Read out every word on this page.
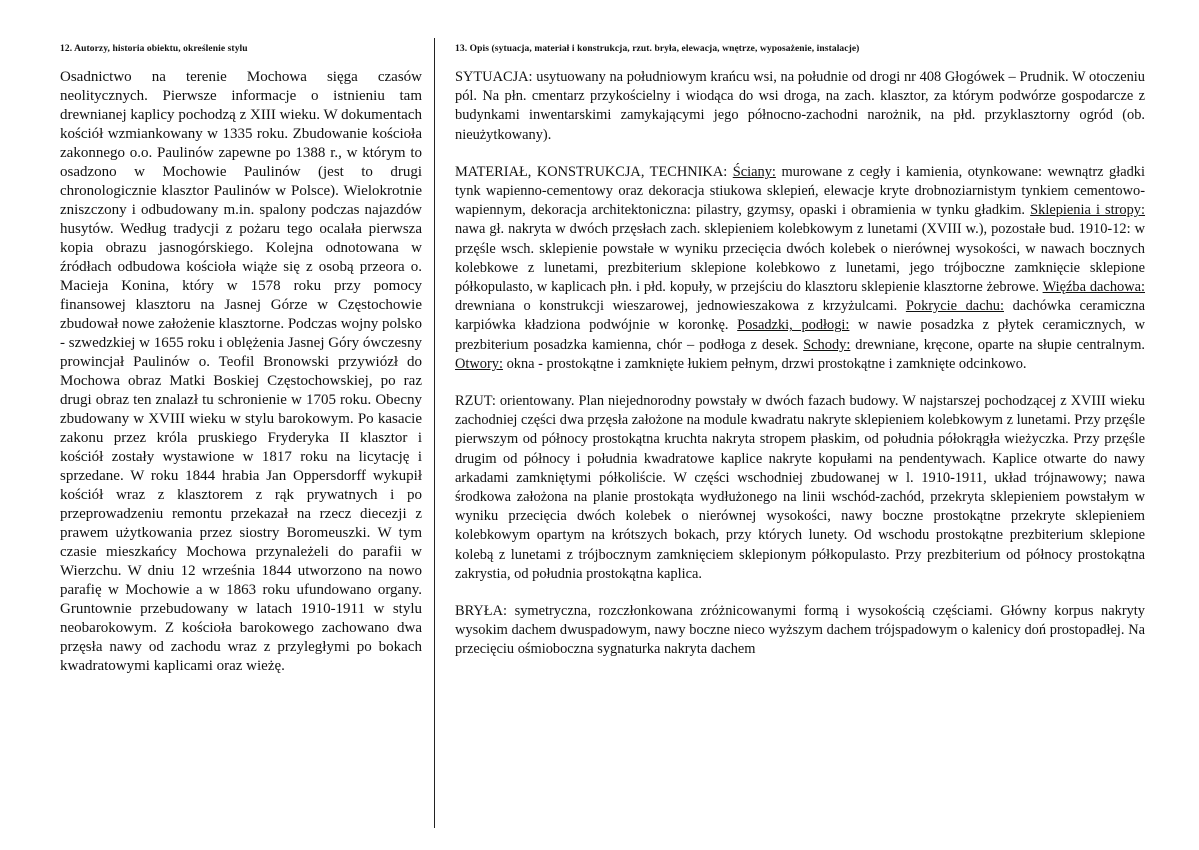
12. Autorzy, historia obiektu, określenie stylu

Osadnictwo na terenie Mochowa sięga czasów neolitycznych. Pierwsze informacje o istnieniu tam drewnianej kaplicy pochodzą z XIII wieku. W dokumentach kościół wzmiankowany w 1335 roku. Zbudowanie kościoła zakonnego o.o. Paulinów zapewne po 1388 r., w którym to osadzono w Mochowie Paulinów (jest to drugi chronologicznie klasztor Paulinów w Polsce). Wielokrotnie zniszczony i odbudowany m.in. spalony podczas najazdów husytów. Według tradycji z pożaru tego ocalała pierwsza kopia obrazu jasnogórskiego. Kolejna odnotowana w źródłach odbudowa kościoła wiąże się z osobą przeora o. Macieja Konina, który w 1578 roku przy pomocy finansowej klasztoru na Jasnej Górze w Częstochowie zbudował nowe założenie klasztorne. Podczas wojny polsko - szwedzkiej w 1655 roku i oblężenia Jasnej Góry ówczesny prowincjał Paulinów o. Teofil Bronowski przywiózł do Mochowa obraz Matki Boskiej Częstochowskiej, po raz drugi obraz ten znalazł tu schronienie w 1705 roku. Obecny zbudowany w XVIII wieku w stylu barokowym. Po kasacie zakonu przez króla pruskiego Fryderyka II klasztor i kościół zostały wystawione w 1817 roku na licytację i sprzedane. W roku 1844 hrabia Jan Oppersdorff wykupił kościół wraz z klasztorem z rąk prywatnych i po przeprowadzeniu remontu przekazał na rzecz diecezji z prawem użytkowania przez siostry Boromeuszki. W tym czasie mieszkańcy Mochowa przynależeli do parafii w Wierzchu. W dniu 12 września 1844 utworzono na nowo parafię w Mochowie a w 1863 roku ufundowano organy. Gruntownie przebudowany w latach 1910-1911 w stylu neobarokowym. Z kościoła barokowego zachowano dwa przęsła nawy od zachodu wraz z przyległymi po bokach kwadratowymi kaplicami oraz wieżę.

13. Opis (sytuacja, materiał i konstrukcja, rzut. bryła, elewacja, wnętrze, wyposażenie, instalacje)

SYTUACJA: usytuowany na południowym krańcu wsi, na południe od drogi nr 408 Głogówek – Prudnik. W otoczeniu pól. Na płn. cmentarz przykościelny i wiodąca do wsi droga, na zach. klasztor, za którym podwórze gospodarcze z budynkami inwentarskimi zamykającymi jego północno-zachodni narożnik, na płd. przyklasztorny ogród (ob. nieużytkowany).

MATERIAŁ, KONSTRUKCJA, TECHNIKA: Ściany: murowane z cegły i kamienia, otynkowane: wewnątrz gładki tynk wapienno-cementowy oraz dekoracja stiukowa sklepień, elewacje kryte drobnoziarnistym tynkiem cementowo-wapiennym, dekoracja architektoniczna: pilastry, gzymsy, opaski i obramienia w tynku gładkim. Sklepienia i stropy: nawa gł. nakryta w dwóch przęsłach zach. sklepieniem kolebkowym z lunetami (XVIII w.), pozostałe bud. 1910-12: w przęśle wsch. sklepienie powstałe w wyniku przecięcia dwóch kolebek o nierównej wysokości, w nawach bocznych kolebkowe z lunetami, prezbiterium sklepione kolebkowo z lunetami, jego trójboczne zamknięcie sklepione półkopulasto, w kaplicach płn. i płd. kopuły, w przejściu do klasztoru sklepienie klasztorne żebrowe. Więźba dachowa: drewniana o konstrukcji wieszarowej, jednowieszakowa z krzyżulcami. Pokrycie dachu: dachówka ceramiczna karpiówka kładziona podwójnie w koronkę. Posadzki, podłogi: w nawie posadzka z płytek ceramicznych, w prezbiterium posadzka kamienna, chór – podłoga z desek. Schody: drewniane, kręcone, oparte na słupie centralnym. Otwory: okna - prostokątne i zamknięte łukiem pełnym, drzwi prostokątne i zamknięte odcinkowo.

RZUT: orientowany. Plan niejednorodny powstały w dwóch fazach budowy. W najstarszej pochodzącej z XVIII wieku zachodniej części dwa przęsła założone na module kwadratu nakryte sklepieniem kolebkowym z lunetami. Przy przęśle pierwszym od północy prostokątna kruchta nakryta stropem płaskim, od południa półokrągła wieżyczka. Przy przęśle drugim od północy i południa kwadratowe kaplice nakryte kopułami na pendentywach. Kaplice otwarte do nawy arkadami zamkniętymi półkoliście. W części wschodniej zbudowanej w l. 1910-1911, układ trójnawowy; nawa środkowa założona na planie prostokąta wydłużonego na linii wschód-zachód, przekryta sklepieniem powstałym w wyniku przecięcia dwóch kolebek o nierównej wysokości, nawy boczne prostokątne przekryte sklepieniem kolebkowym opartym na krótszych bokach, przy których lunety. Od wschodu prostokątne prezbiterium sklepione kolebą z lunetami z trójbocznym zamknięciem sklepionym półkopulasto. Przy prezbiterium od północy prostokątna zakrystia, od południa prostokątna kaplica.

BRYŁA: symetryczna, rozczłonkowana zróżnicowanymi formą i wysokością częściami. Główny korpus nakryty wysokim dachem dwuspadowym, nawy boczne nieco wyższym dachem trójspadowym o kalenicy doń prostopadłej. Na przecięciu ośmioboczna sygnaturka nakryta dachem
